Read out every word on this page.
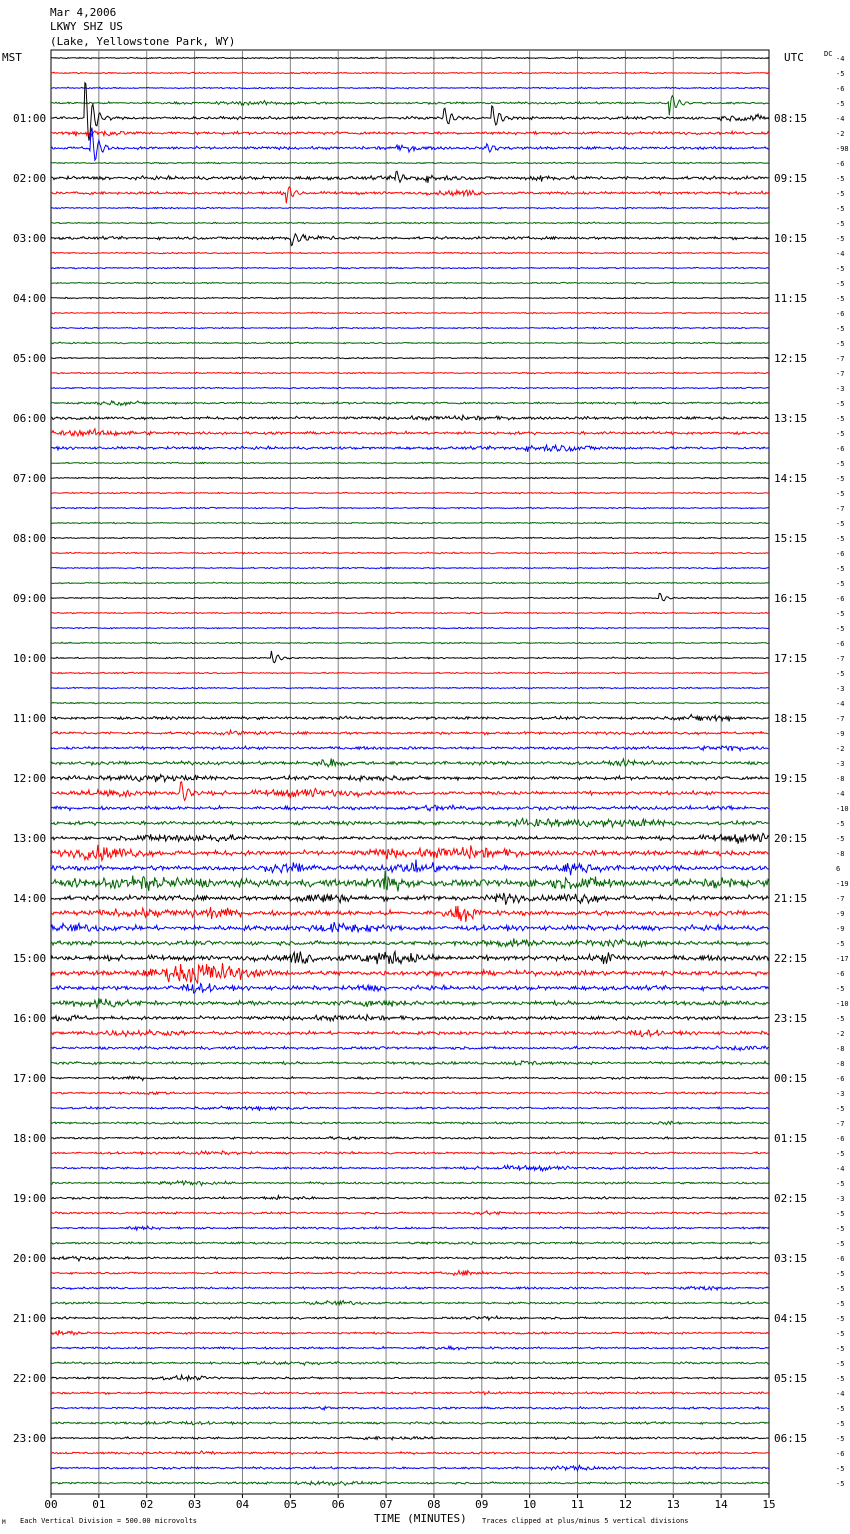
Mar 4,2006
LKWY SHZ US
(Lake, Yellowstone Park, WY)
MST	UTC	DC
TIME (MINUTES)
Each Vertical Division = 500.00 microvolts	Traces clipped at plus/minus 5 vertical divisions
M
00	01	02	03	04	05	06	07	08	09	10	11	12	13	14	15
01:00	08:15
02:00	09:15
03:00	10:15
04:00	11:15
05:00	12:15
06:00	13:15
07:00	14:15
08:00	15:15
09:00	16:15
10:00	17:15
11:00	18:15
12:00	19:15
13:00	20:15
14:00	21:15
15:00	22:15
16:00	23:15
17:00	00:15
18:00	01:15
19:00	02:15
20:00	03:15
21:00	04:15
22:00	05:15
23:00	06:15
-4
-5
-6
-5
-4
-2
-98
-6
-5
-5
-5
-5
-5
-4
-5
-5
-5
-6
-5
-5
-7
-7
-3
-5
-5
-5
-6
-5
-5
-5
-7
-5
-5
-6
-5
-5
-6
-5
-5
-6
-7
-5
-3
-4
-7
-9
-2
-3
-8
-4
-10
-5
-5
-8
6
-19
-7
-9
-9
-5
-17
-6
-5
-10
-5
-2
-8
-8
-6
-3
-5
-7
-6
-5
-4
-5
-3
-5
-5
-5
-6
-5
-5
-5
-5
-5
-5
-5
-5
-4
-5
-5
-5
-6
-5
-5
